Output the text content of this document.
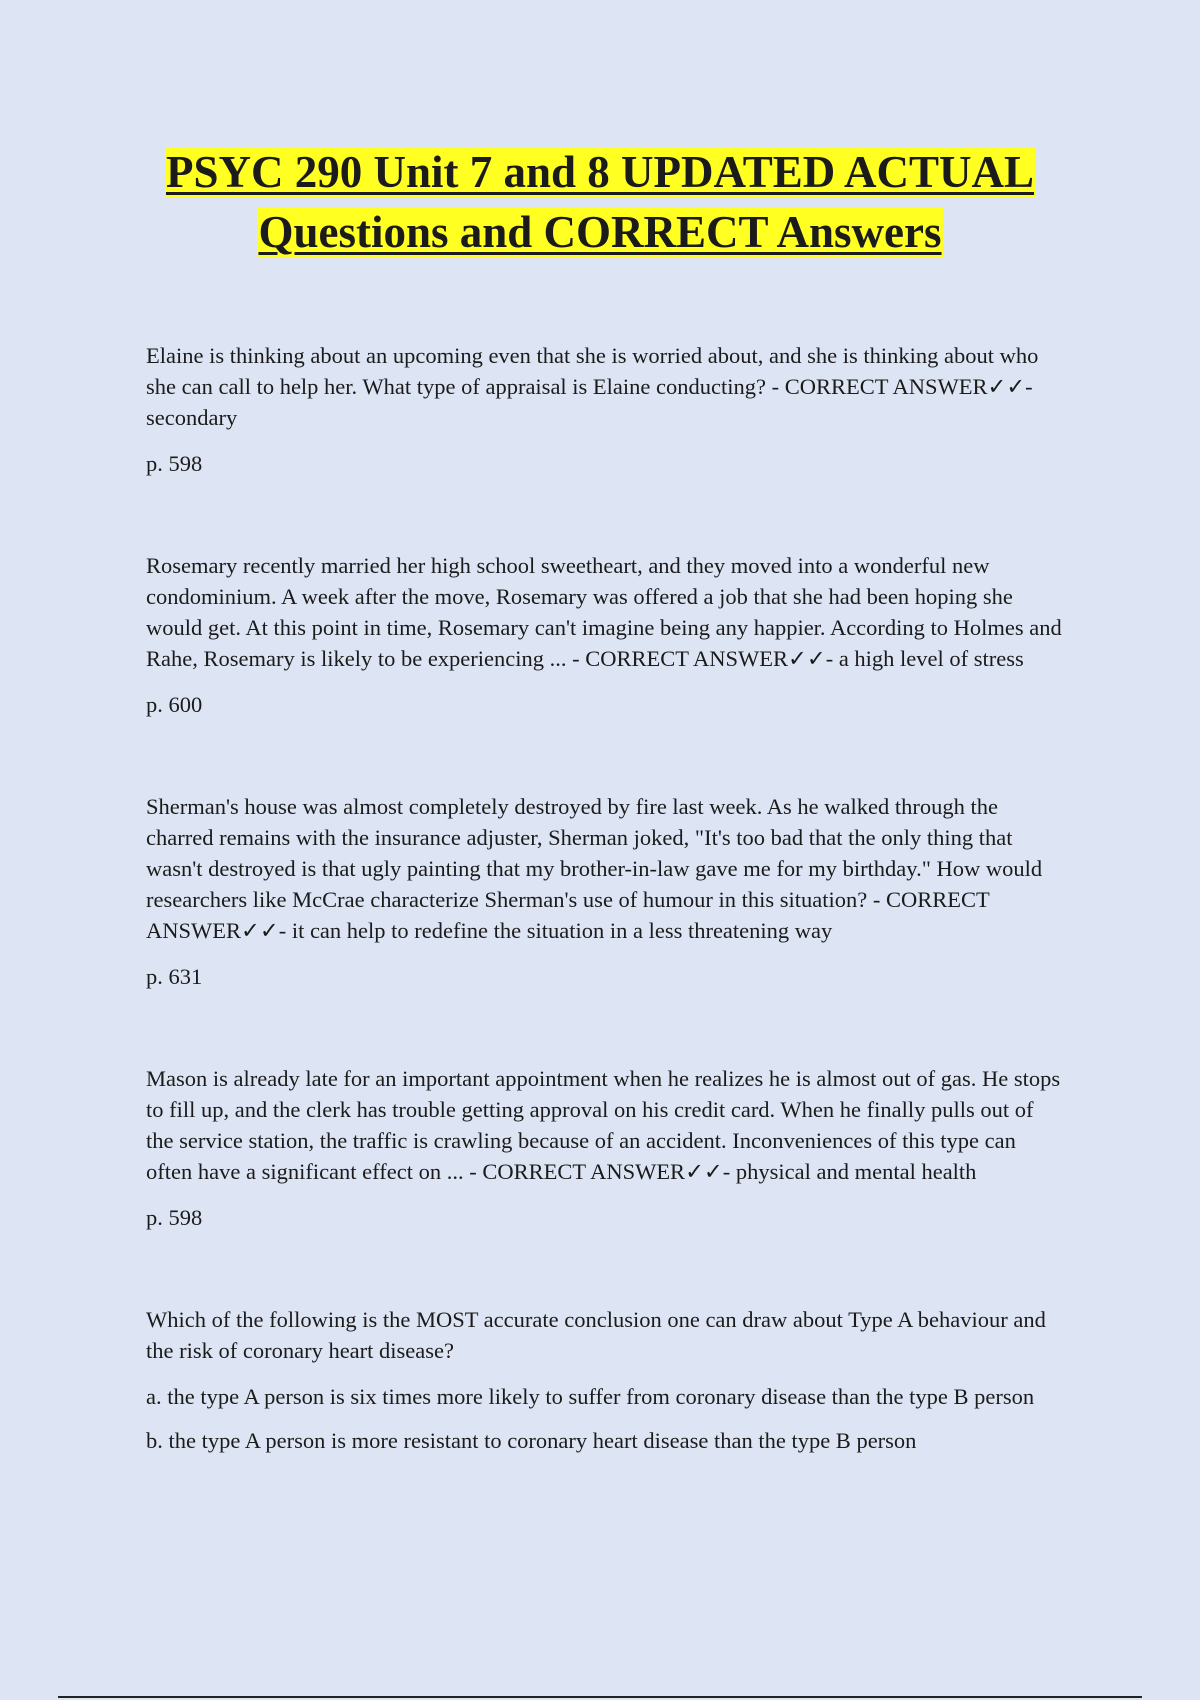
PSYC 290 Unit 7 and 8 UPDATED ACTUAL Questions and CORRECT Answers

Elaine is thinking about an upcoming even that she is worried about, and she is thinking about who she can call to help her. What type of appraisal is Elaine conducting? - CORRECT ANSWER✓✓- secondary

p. 598

Rosemary recently married her high school sweetheart, and they moved into a wonderful new condominium. A week after the move, Rosemary was offered a job that she had been hoping she would get. At this point in time, Rosemary can't imagine being any happier. According to Holmes and Rahe, Rosemary is likely to be experiencing ... - CORRECT ANSWER✓✓- a high level of stress

p. 600

Sherman's house was almost completely destroyed by fire last week. As he walked through the charred remains with the insurance adjuster, Sherman joked, "It's too bad that the only thing that wasn't destroyed is that ugly painting that my brother-in-law gave me for my birthday." How would researchers like McCrae characterize Sherman's use of humour in this situation? - CORRECT ANSWER✓✓- it can help to redefine the situation in a less threatening way

p. 631

Mason is already late for an important appointment when he realizes he is almost out of gas. He stops to fill up, and the clerk has trouble getting approval on his credit card. When he finally pulls out of the service station, the traffic is crawling because of an accident. Inconveniences of this type can often have a significant effect on ... - CORRECT ANSWER✓✓- physical and mental health

p. 598

Which of the following is the MOST accurate conclusion one can draw about Type A behaviour and the risk of coronary heart disease?

a. the type A person is six times more likely to suffer from coronary disease than the type B person

b. the type A person is more resistant to coronary heart disease than the type B person
